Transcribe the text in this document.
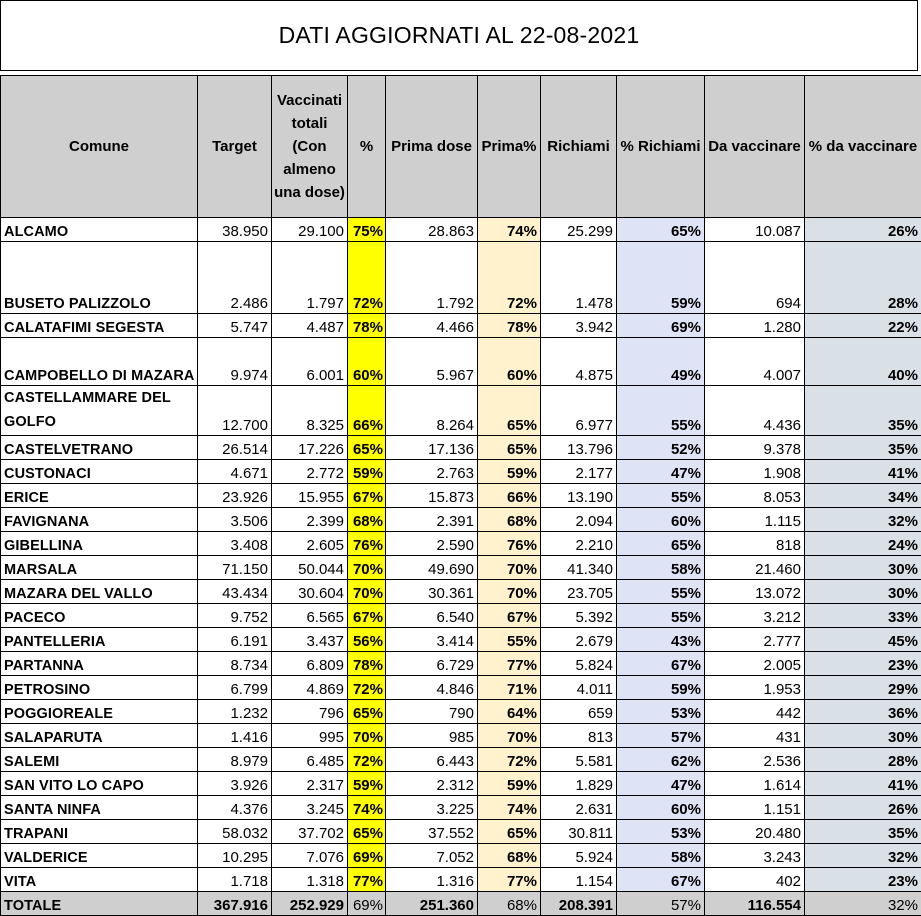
DATI AGGIORNATI AL 22-08-2021
Comune	Target	Vaccinati totali (Con almeno una dose)	%	Prima dose	Prima%	Richiami	% Richiami	Da vaccinare	% da vaccinare
ALCAMO	38.950	29.100	75%	28.863	74%	25.299	65%	10.087	26%
BUSETO PALIZZOLO	2.486	1.797	72%	1.792	72%	1.478	59%	694	28%
CALATAFIMI SEGESTA	5.747	4.487	78%	4.466	78%	3.942	69%	1.280	22%
CAMPOBELLO DI MAZARA	9.974	6.001	60%	5.967	60%	4.875	49%	4.007	40%
CASTELLAMMARE DEL GOLFO	12.700	8.325	66%	8.264	65%	6.977	55%	4.436	35%
CASTELVETRANO	26.514	17.226	65%	17.136	65%	13.796	52%	9.378	35%
CUSTONACI	4.671	2.772	59%	2.763	59%	2.177	47%	1.908	41%
ERICE	23.926	15.955	67%	15.873	66%	13.190	55%	8.053	34%
FAVIGNANA	3.506	2.399	68%	2.391	68%	2.094	60%	1.115	32%
GIBELLINA	3.408	2.605	76%	2.590	76%	2.210	65%	818	24%
MARSALA	71.150	50.044	70%	49.690	70%	41.340	58%	21.460	30%
MAZARA DEL VALLO	43.434	30.604	70%	30.361	70%	23.705	55%	13.072	30%
PACECO	9.752	6.565	67%	6.540	67%	5.392	55%	3.212	33%
PANTELLERIA	6.191	3.437	56%	3.414	55%	2.679	43%	2.777	45%
PARTANNA	8.734	6.809	78%	6.729	77%	5.824	67%	2.005	23%
PETROSINO	6.799	4.869	72%	4.846	71%	4.011	59%	1.953	29%
POGGIOREALE	1.232	796	65%	790	64%	659	53%	442	36%
SALAPARUTA	1.416	995	70%	985	70%	813	57%	431	30%
SALEMI	8.979	6.485	72%	6.443	72%	5.581	62%	2.536	28%
SAN VITO LO CAPO	3.926	2.317	59%	2.312	59%	1.829	47%	1.614	41%
SANTA NINFA	4.376	3.245	74%	3.225	74%	2.631	60%	1.151	26%
TRAPANI	58.032	37.702	65%	37.552	65%	30.811	53%	20.480	35%
VALDERICE	10.295	7.076	69%	7.052	68%	5.924	58%	3.243	32%
VITA	1.718	1.318	77%	1.316	77%	1.154	67%	402	23%
TOTALE	367.916	252.929	69%	251.360	68%	208.391	57%	116.554	32%
